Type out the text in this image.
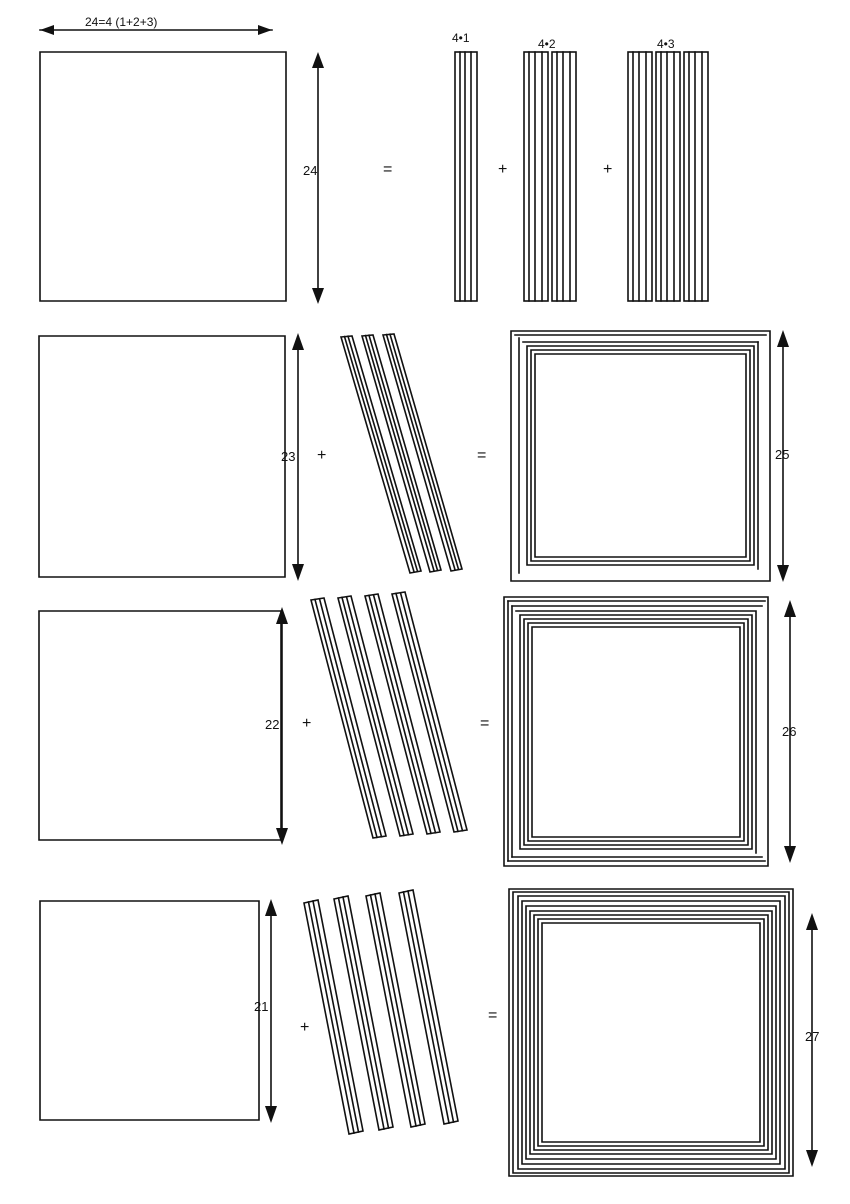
24=4 (1+2+3)
24	=	+	+
4•1	4•2	4•3
23 +	=	25
22 +	=	26
21
+
=
27
